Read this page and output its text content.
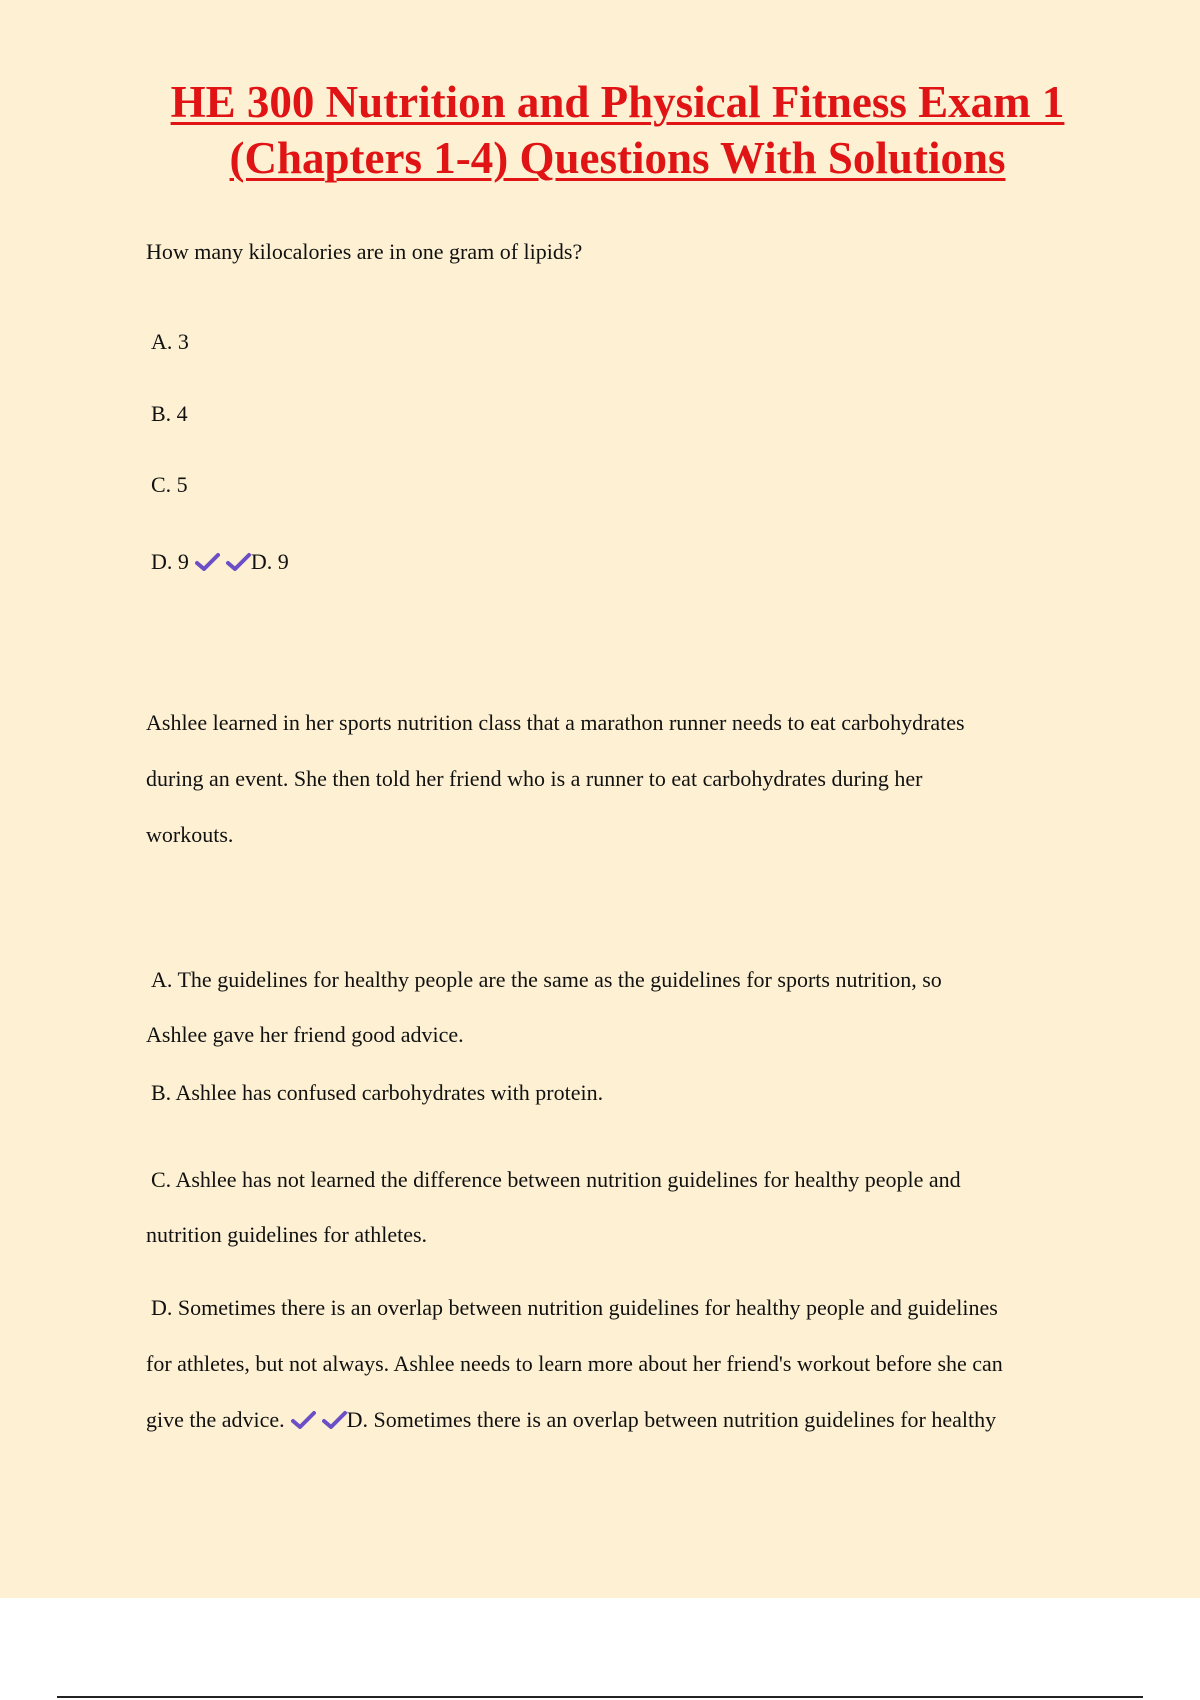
HE 300 Nutrition and Physical Fitness Exam 1 (Chapters 1-4) Questions With Solutions

How many kilocalories are in one gram of lipids?

A. 3

B. 4

C. 5

D. 9	D. 9

Ashlee learned in her sports nutrition class that a marathon runner needs to eat carbohydrates
during an event. She then told her friend who is a runner to eat carbohydrates during her
workouts.
A. The guidelines for healthy people are the same as the guidelines for sports nutrition, so
Ashlee gave her friend good advice.

B. Ashlee has confused carbohydrates with protein.

C. Ashlee has not learned the difference between nutrition guidelines for healthy people and
nutrition guidelines for athletes.
D. Sometimes there is an overlap between nutrition guidelines for healthy people and guidelines
for athletes, but not always. Ashlee needs to learn more about her friend's workout before she can
give the advice.	D. Sometimes there is an overlap between nutrition guidelines for healthy
